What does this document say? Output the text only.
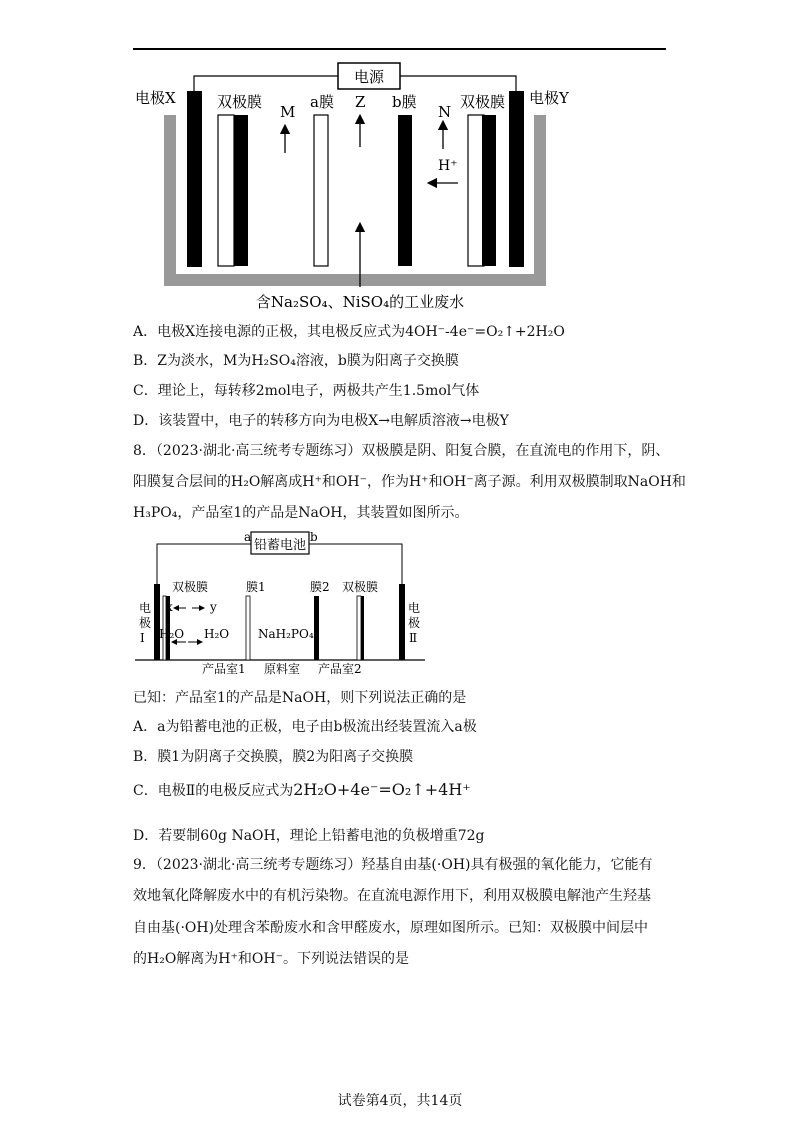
电源
电极X	电极Y
双极膜	双极膜
a膜	b膜
M
Z
N
H⁺
含Na₂SO₄、NiSO₄的工业废水
A．电极X连接电源的正极，其电极反应式为4OH⁻-4e⁻=O₂↑+2H₂O
B．Z为淡水，M为H₂SO₄溶液，b膜为阳离子交换膜
C．理论上，每转移2mol电子，两极共产生1.5mol气体
D．该装置中，电子的转移方向为电极X→电解质溶液→电极Y
8．（2023·湖北·高三统考专题练习）双极膜是阴、阳复合膜，在直流电的作用下，阴、
阳膜复合层间的H₂O解离成H⁺和OH⁻，作为H⁺和OH⁻离子源。利用双极膜制取NaOH和
H₃PO₄，产品室1的产品是NaOH，其装置如图所示。
铅蓄电池
a	b
电
极
Ⅰ
电
极
Ⅱ
双极膜	膜1	膜2 双极膜
x	y
H₂O H₂O NaH₂PO₄
产品室1 原料室 产品室2
已知：产品室1的产品是NaOH，则下列说法正确的是
A．a为铅蓄电池的正极，电子由b极流出经装置流入a极
B．膜1为阴离子交换膜，膜2为阳离子交换膜
C．电极Ⅱ的电极反应式为2H₂O+4e⁻=O₂↑+4H⁺
D．若要制60g NaOH，理论上铅蓄电池的负极增重72g
9．（2023·湖北·高三统考专题练习）羟基自由基(·OH)具有极强的氧化能力，它能有
效地氧化降解废水中的有机污染物。在直流电源作用下，利用双极膜电解池产生羟基
自由基(·OH)处理含苯酚废水和含甲醛废水，原理如图所示。已知：双极膜中间层中
的H₂O解离为H⁺和OH⁻。下列说法错误的是
试卷第4页，共14页
